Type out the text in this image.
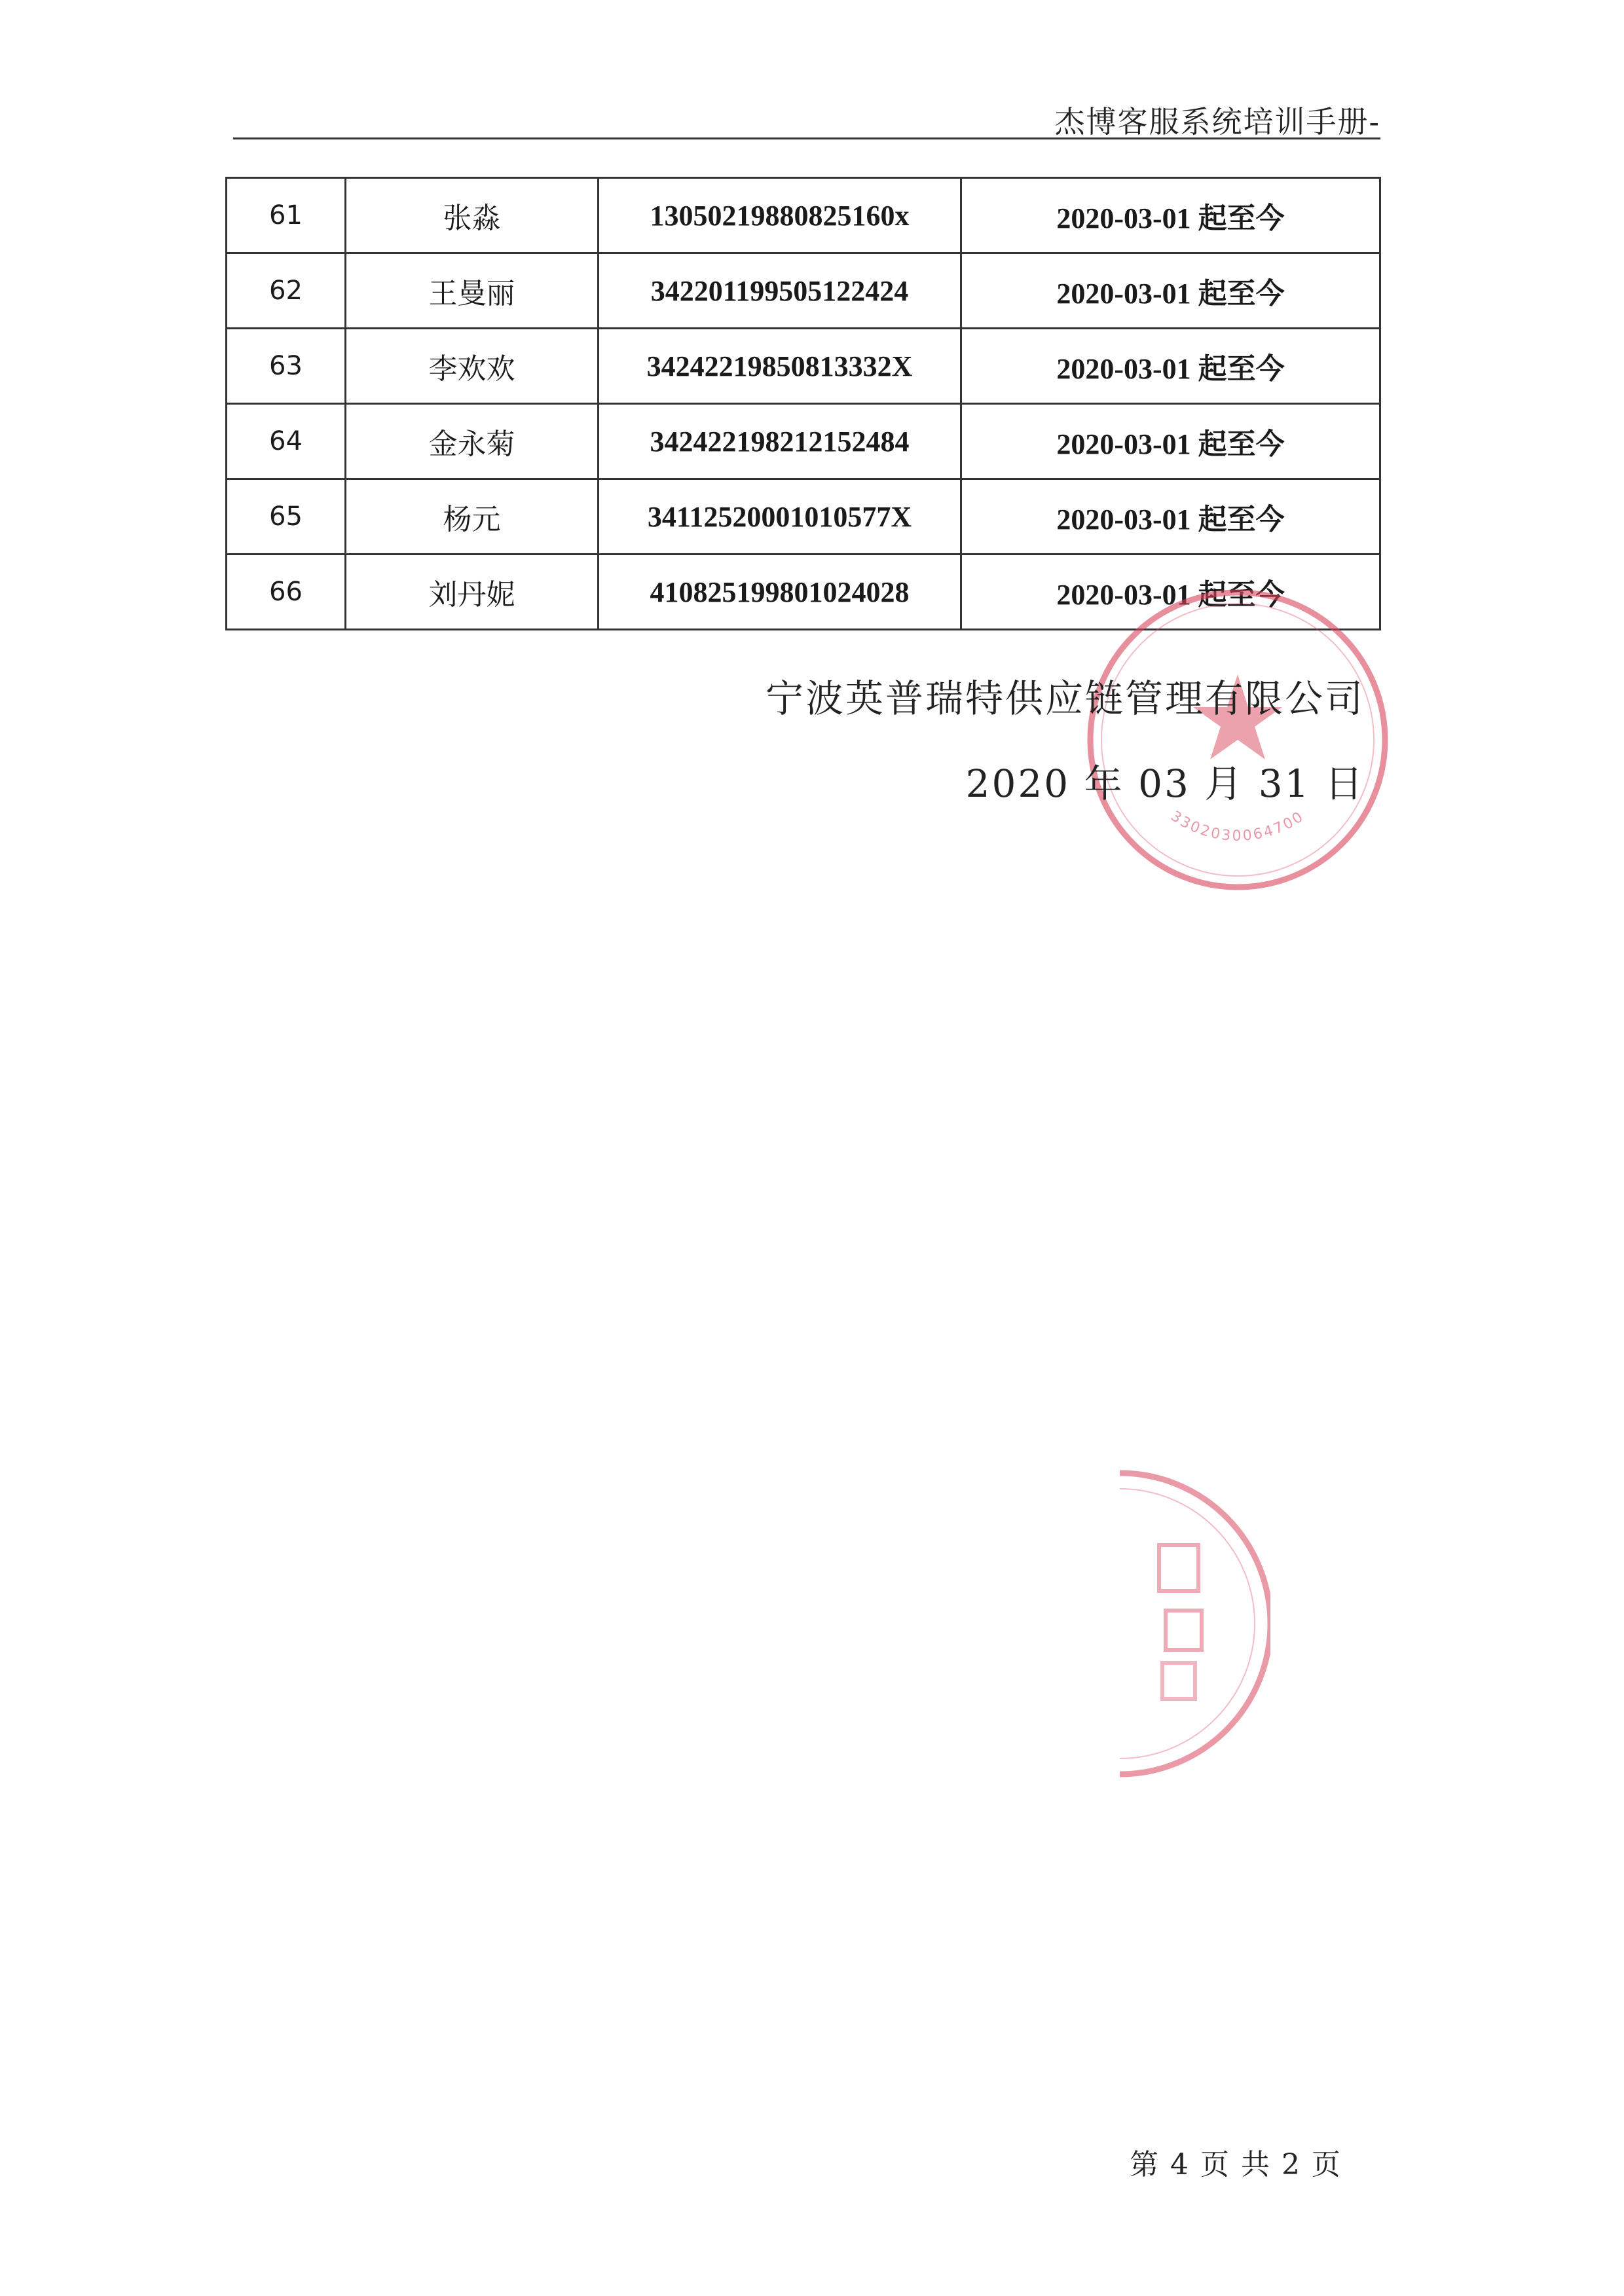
杰博客服系统培训手册-
61	张淼	13050219880825160x	2020-03-01 起至今
62	王曼丽	342201199505122424	2020-03-01 起至今
63	李欢欢	34242219850813332X	2020-03-01 起至今
64	金永菊	342422198212152484	2020-03-01 起至今
65	杨元	34112520001010577X	2020-03-01 起至今
66	刘丹妮	410825199801024028	2020-03-01 起至今
3302030064700
宁波英普瑞特供应链管理有限公司
2020 年 03 月 31 日
第 4 页 共 2 页
